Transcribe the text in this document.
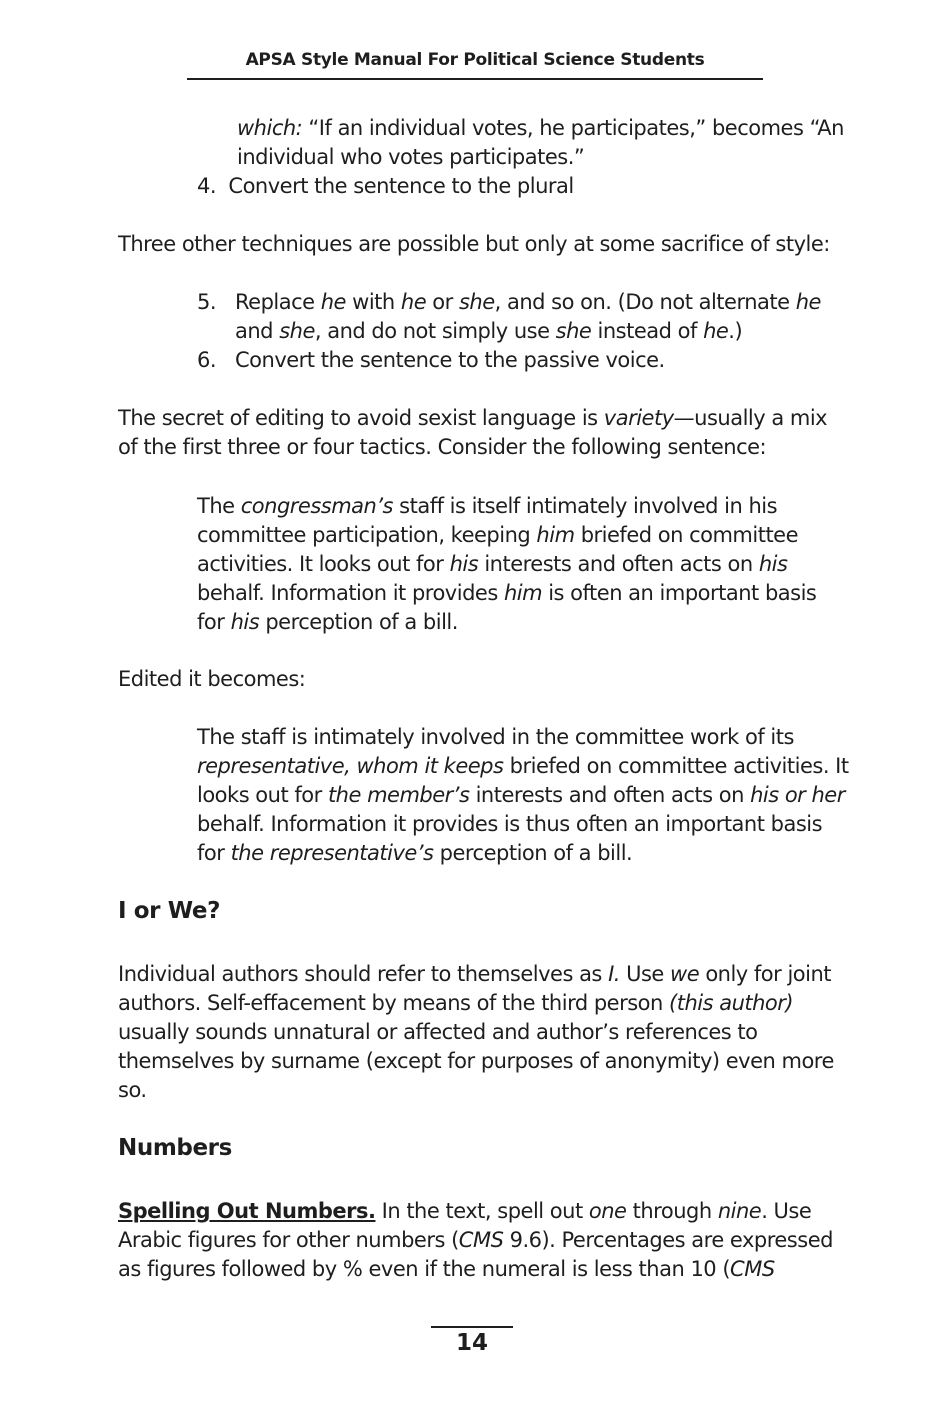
APSA Style Manual For Political Science Students
which: “If an individual votes, he participates,” becomes “An
individual who votes participates.”
4. Convert the sentence to the plural

Three other techniques are possible but only at some sacrifice of style:

5. Replace he with he or she, and so on. (Do not alternate he
and she, and do not simply use she instead of he.)
6. Convert the sentence to the passive voice.

The secret of editing to avoid sexist language is variety—usually a mix
of the first three or four tactics. Consider the following sentence:

The congressman’s staff is itself intimately involved in his
committee participation, keeping him briefed on committee
activities. It looks out for his interests and often acts on his
behalf. Information it provides him is often an important basis
for his perception of a bill.

Edited it becomes:

The staff is intimately involved in the committee work of its
representative, whom it keeps briefed on committee activities. It
looks out for the member’s interests and often acts on his or her
behalf. Information it provides is thus often an important basis
for the representative’s perception of a bill.
I or We?

Individual authors should refer to themselves as I. Use we only for joint
authors. Self-effacement by means of the third person (this author)
usually sounds unnatural or affected and author’s references to
themselves by surname (except for purposes of anonymity) even more
so.

Numbers

Spelling Out Numbers. In the text, spell out one through nine. Use
Arabic figures for other numbers (CMS 9.6). Percentages are expressed
as figures followed by % even if the numeral is less than 10 (CMS

14
